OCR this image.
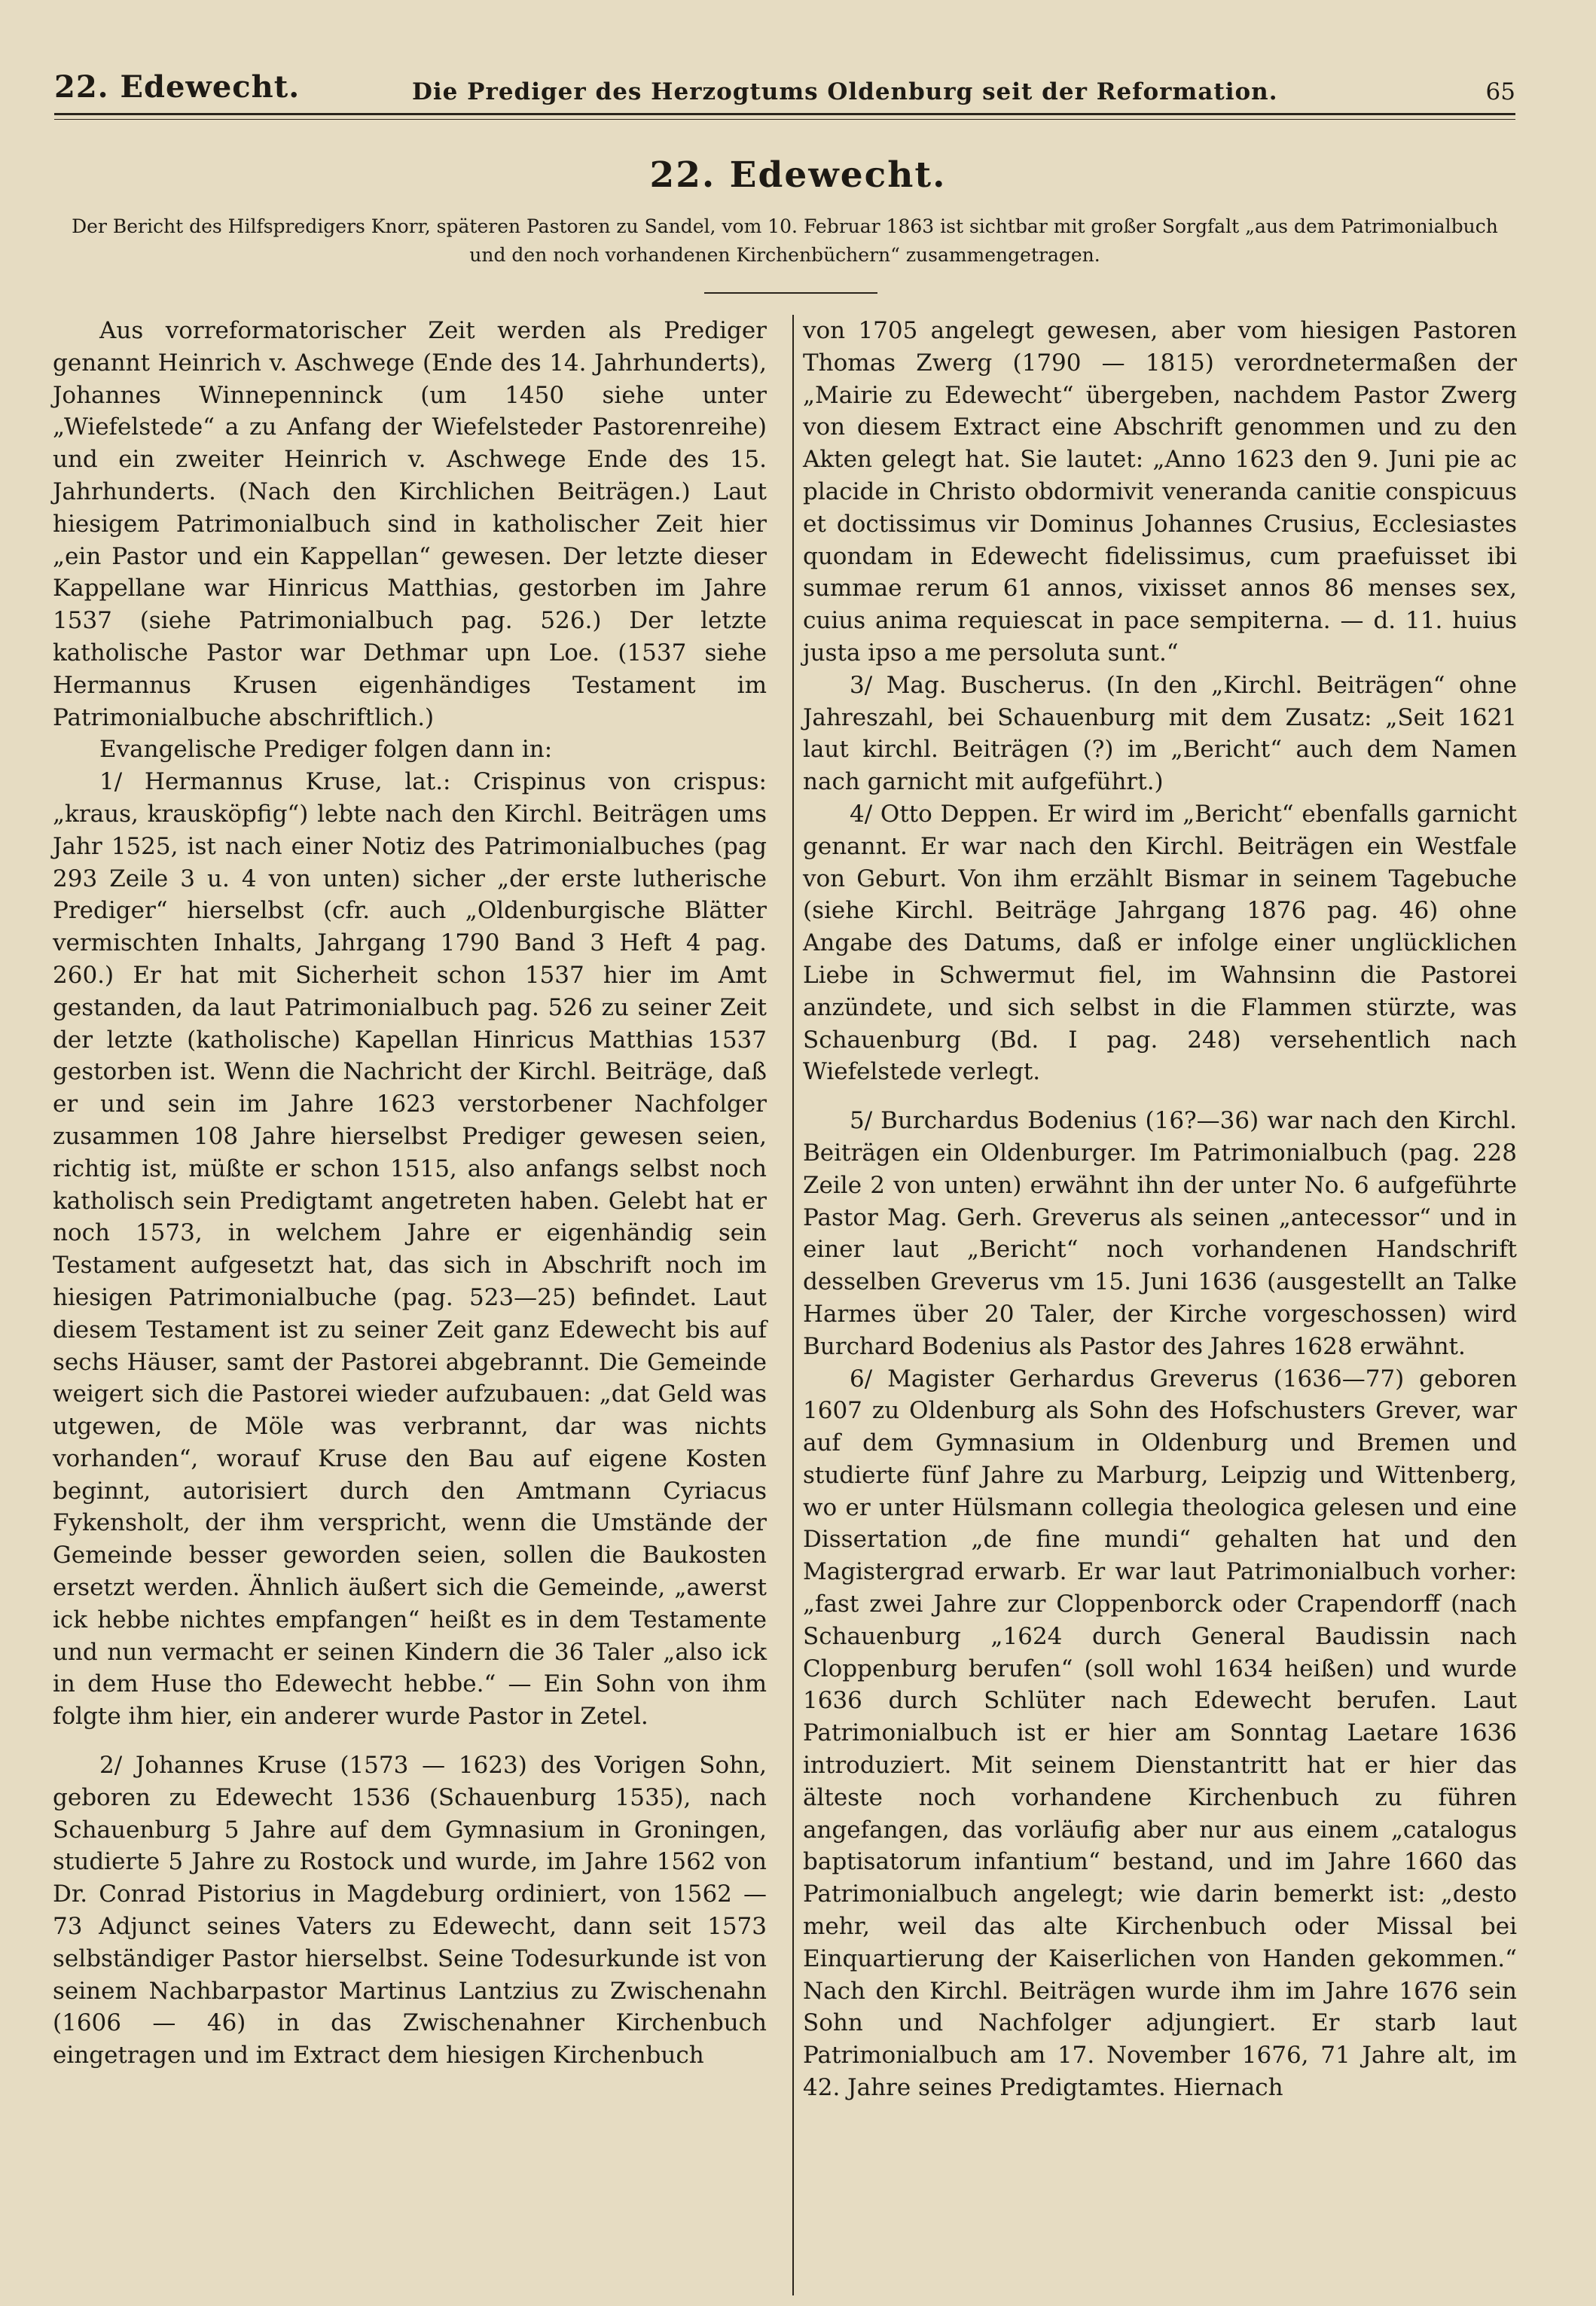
22. Edewecht.	Die Prediger des Herzogtums Oldenburg seit der Reformation.	65
22. Edewecht.
Der Bericht des Hilfspredigers Knorr, späteren Pastoren zu Sandel, vom 10. Februar 1863 ist sichtbar mit großer Sorgfalt „aus dem Patrimonialbuch und den noch vorhandenen Kirchenbüchern“ zusammengetragen.

Aus vorreformatorischer Zeit werden als Prediger genannt Heinrich v. Aschwege (Ende des 14. Jahrhunderts), Johannes Winnepenninck (um 1450 siehe unter „Wiefelstede“ a zu Anfang der Wiefelsteder Pastorenreihe) und ein zweiter Heinrich v. Aschwege Ende des 15. Jahrhunderts. (Nach den Kirchlichen Beiträgen.) Laut hiesigem Patrimonialbuch sind in katholischer Zeit hier „ein Pastor und ein Kappellan“ gewesen. Der letzte dieser Kappellane war Hinricus Matthias, gestorben im Jahre 1537 (siehe Patrimonialbuch pag. 526.) Der letzte katholische Pastor war Dethmar upn Loe. (1537 siehe Hermannus Krusen eigenhändiges Testament im Patrimonialbuche abschriftlich.)

Evangelische Prediger folgen dann in:

1/ Hermannus Kruse, lat.: Crispinus von crispus: „kraus, krausköpfig“) lebte nach den Kirchl. Beiträgen ums Jahr 1525, ist nach einer Notiz des Patrimonialbuches (pag 293 Zeile 3 u. 4 von unten) sicher „der erste lutherische Prediger“ hierselbst (cfr. auch „Oldenburgische Blätter vermischten Inhalts, Jahrgang 1790 Band 3 Heft 4 pag. 260.) Er hat mit Sicherheit schon 1537 hier im Amt gestanden, da laut Patrimonialbuch pag. 526 zu seiner Zeit der letzte (katholische) Kapellan Hinricus Matthias 1537 gestorben ist. Wenn die Nachricht der Kirchl. Beiträge, daß er und sein im Jahre 1623 verstorbener Nachfolger zusammen 108 Jahre hierselbst Prediger gewesen seien, richtig ist, müßte er schon 1515, also anfangs selbst noch katholisch sein Predigtamt angetreten haben. Gelebt hat er noch 1573, in welchem Jahre er eigenhändig sein Testament aufgesetzt hat, das sich in Abschrift noch im hiesigen Patrimonialbuche (pag. 523—25) befindet. Laut diesem Testament ist zu seiner Zeit ganz Edewecht bis auf sechs Häuser, samt der Pastorei abgebrannt. Die Gemeinde weigert sich die Pastorei wieder aufzubauen: „dat Geld was utgewen, de Möle was verbrannt, dar was nichts vorhanden“, worauf Kruse den Bau auf eigene Kosten beginnt, autorisiert durch den Amtmann Cyriacus Fykensholt, der ihm verspricht, wenn die Umstände der Gemeinde besser geworden seien, sollen die Baukosten ersetzt werden. Ähnlich äußert sich die Gemeinde, „awerst ick hebbe nichtes empfangen“ heißt es in dem Testamente und nun vermacht er seinen Kindern die 36 Taler „also ick in dem Huse tho Edewecht hebbe.“ — Ein Sohn von ihm folgte ihm hier, ein anderer wurde Pastor in Zetel.

2/ Johannes Kruse (1573 — 1623) des Vorigen Sohn, geboren zu Edewecht 1536 (Schauenburg 1535), nach Schauenburg 5 Jahre auf dem Gymnasium in Groningen, studierte 5 Jahre zu Rostock und wurde, im Jahre 1562 von Dr. Conrad Pistorius in Magdeburg ordiniert, von 1562 — 73 Adjunct seines Vaters zu Edewecht, dann seit 1573 selbständiger Pastor hierselbst. Seine Todesurkunde ist von seinem Nachbarpastor Martinus Lantzius zu Zwischenahn (1606 — 46) in das Zwischenahner Kirchenbuch eingetragen und im Extract dem hiesigen Kirchenbuch

von 1705 angelegt gewesen, aber vom hiesigen Pastoren Thomas Zwerg (1790 — 1815) verordnetermaßen der „Mairie zu Edewecht“ übergeben, nachdem Pastor Zwerg von diesem Extract eine Abschrift genommen und zu den Akten gelegt hat. Sie lautet: „Anno 1623 den 9. Juni pie ac placide in Christo obdormivit veneranda canitie conspicuus et doctissimus vir Dominus Johannes Crusius, Ecclesiastes quondam in Edewecht fidelissimus, cum praefuisset ibi summae rerum 61 annos, vixisset annos 86 menses sex, cuius anima requiescat in pace sempiterna. — d. 11. huius justa ipso a me persoluta sunt.“

3/ Mag. Buscherus. (In den „Kirchl. Beiträgen“ ohne Jahreszahl, bei Schauenburg mit dem Zusatz: „Seit 1621 laut kirchl. Beiträgen (?) im „Bericht“ auch dem Namen nach garnicht mit aufgeführt.)

4/ Otto Deppen. Er wird im „Bericht“ ebenfalls garnicht genannt. Er war nach den Kirchl. Beiträgen ein Westfale von Geburt. Von ihm erzählt Bismar in seinem Tagebuche (siehe Kirchl. Beiträge Jahrgang 1876 pag. 46) ohne Angabe des Datums, daß er infolge einer unglücklichen Liebe in Schwermut fiel, im Wahnsinn die Pastorei anzündete, und sich selbst in die Flammen stürzte, was Schauenburg (Bd. I pag. 248) versehentlich nach Wiefelstede verlegt.

5/ Burchardus Bodenius (16?—36) war nach den Kirchl. Beiträgen ein Oldenburger. Im Patrimonialbuch (pag. 228 Zeile 2 von unten) erwähnt ihn der unter No. 6 aufgeführte Pastor Mag. Gerh. Greverus als seinen „antecessor“ und in einer laut „Bericht“ noch vorhandenen Handschrift desselben Greverus vm 15. Juni 1636 (ausgestellt an Talke Harmes über 20 Taler, der Kirche vorgeschossen) wird Burchard Bodenius als Pastor des Jahres 1628 erwähnt.

6/ Magister Gerhardus Greverus (1636—77) geboren 1607 zu Oldenburg als Sohn des Hofschusters Grever, war auf dem Gymnasium in Oldenburg und Bremen und studierte fünf Jahre zu Marburg, Leipzig und Wittenberg, wo er unter Hülsmann collegia theologica gelesen und eine Dissertation „de fine mundi“ gehalten hat und den Magistergrad erwarb. Er war laut Patrimonialbuch vorher: „fast zwei Jahre zur Cloppenborck oder Crapendorff (nach Schauenburg „1624 durch General Baudissin nach Cloppenburg berufen“ (soll wohl 1634 heißen) und wurde 1636 durch Schlüter nach Edewecht berufen. Laut Patrimonialbuch ist er hier am Sonntag Laetare 1636 introduziert. Mit seinem Dienstantritt hat er hier das älteste noch vorhandene Kirchenbuch zu führen angefangen, das vorläufig aber nur aus einem „catalogus baptisatorum infantium“ bestand, und im Jahre 1660 das Patrimonialbuch angelegt; wie darin bemerkt ist: „desto mehr, weil das alte Kirchenbuch oder Missal bei Einquartierung der Kaiserlichen von Handen gekommen.“ Nach den Kirchl. Beiträgen wurde ihm im Jahre 1676 sein Sohn und Nachfolger adjungiert. Er starb laut Patrimonialbuch am 17. November 1676, 71 Jahre alt, im 42. Jahre seines Predigtamtes. Hiernach
